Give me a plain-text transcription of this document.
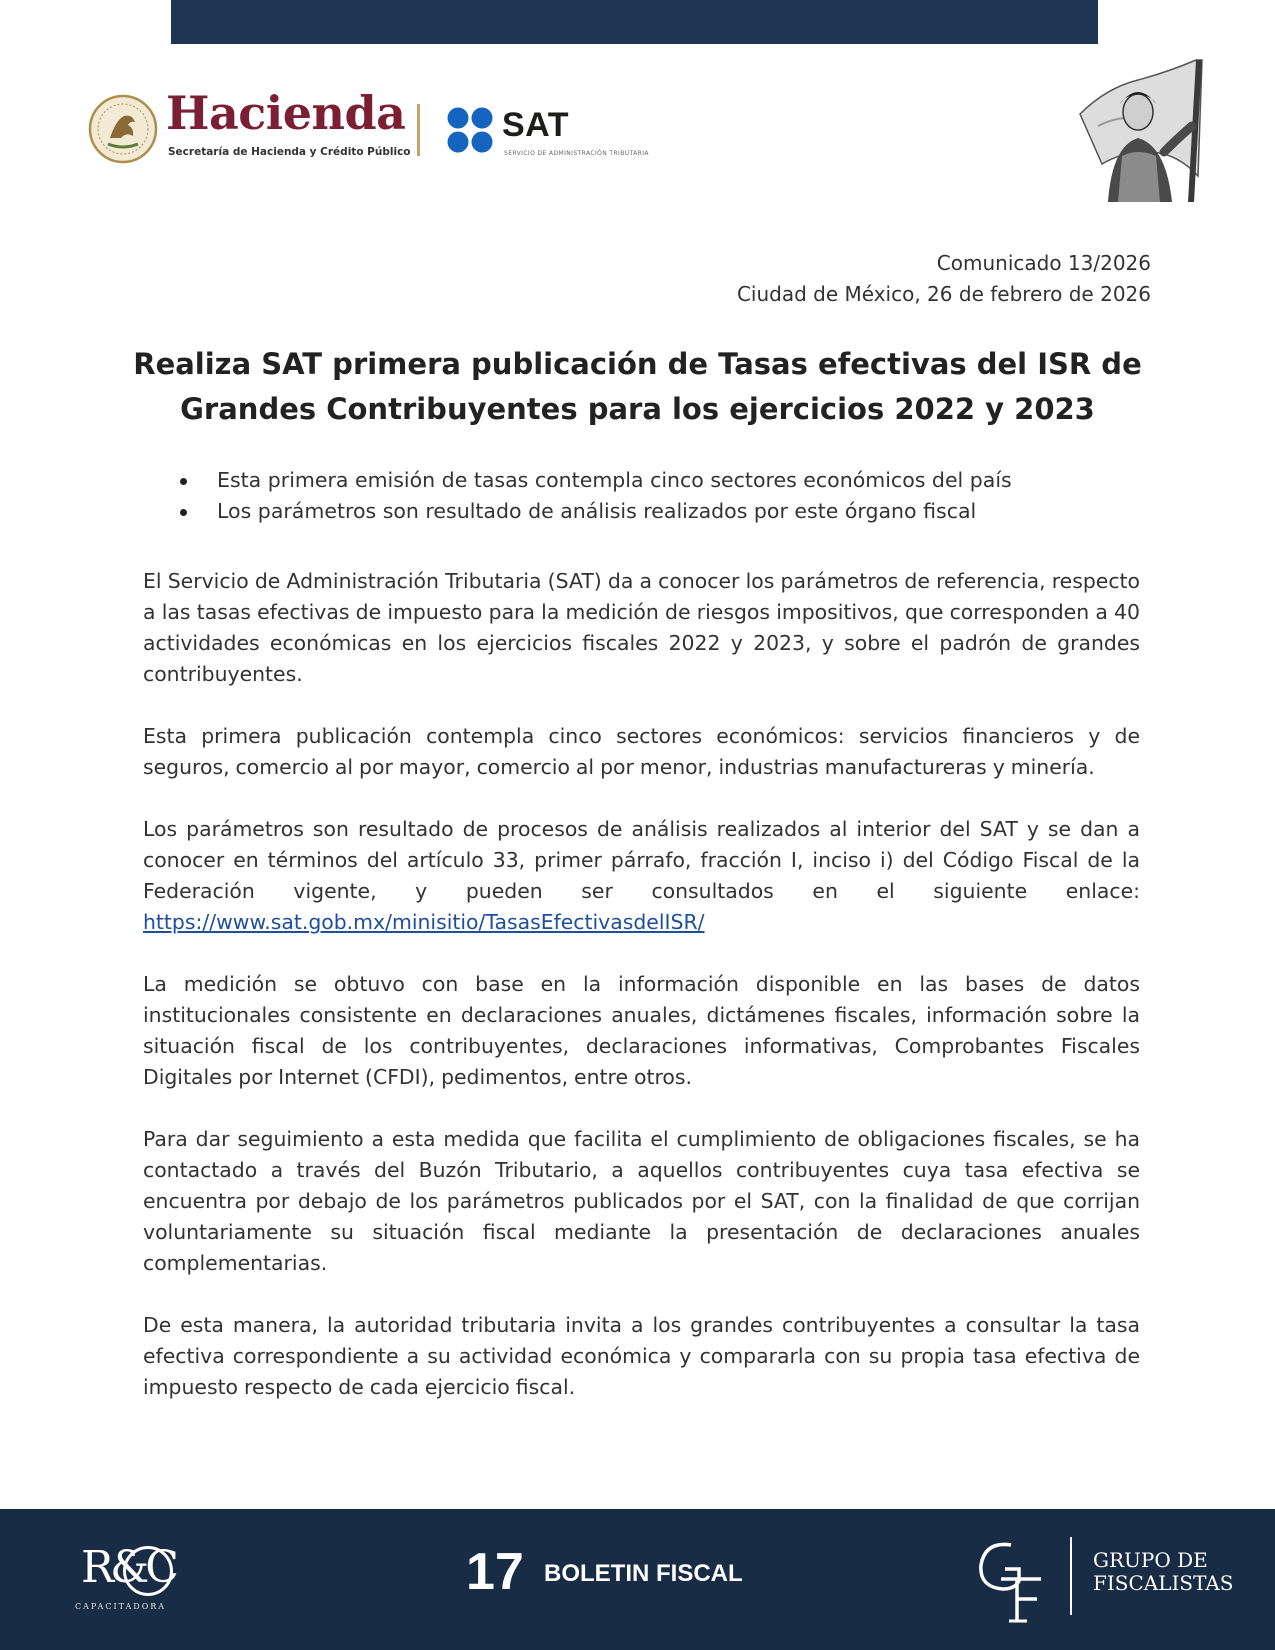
Hacienda
Secretaría de Hacienda y Crédito Público
SAT
SERVICIO DE ADMINISTRACIÓN TRIBUTARIA
Comunicado 13/2026
Ciudad de México, 26 de febrero de 2026
Realiza SAT primera publicación de Tasas efectivas del ISR de Grandes Contribuyentes para los ejercicios 2022 y 2023
Esta primera emisión de tasas contempla cinco sectores económicos del país
Los parámetros son resultado de análisis realizados por este órgano fiscal

El Servicio de Administración Tributaria (SAT) da a conocer los parámetros de referencia, respecto a las tasas efectivas de impuesto para la medición de riesgos impositivos, que corresponden a 40 actividades económicas en los ejercicios fiscales 2022 y 2023, y sobre el padrón de grandes contribuyentes.

Esta primera publicación contempla cinco sectores económicos: servicios financieros y de seguros, comercio al por mayor, comercio al por menor, industrias manufactureras y minería.

Los parámetros son resultado de procesos de análisis realizados al interior del SAT y se dan a conocer en términos del artículo 33, primer párrafo, fracción I, inciso i) del Código Fiscal de la Federación vigente, y pueden ser consultados en el siguiente enlace:

https://www.sat.gob.mx/minisitio/TasasEfectivasdelISR/

La medición se obtuvo con base en la información disponible en las bases de datos institucionales consistente en declaraciones anuales, dictámenes fiscales, información sobre la situación fiscal de los contribuyentes, declaraciones informativas, Comprobantes Fiscales Digitales por Internet (CFDI), pedimentos, entre otros.

Para dar seguimiento a esta medida que facilita el cumplimiento de obligaciones fiscales, se ha contactado a través del Buzón Tributario, a aquellos contribuyentes cuya tasa efectiva se encuentra por debajo de los parámetros publicados por el SAT, con la finalidad de que corrijan voluntariamente su situación fiscal mediante la presentación de declaraciones anuales complementarias.

De esta manera, la autoridad tributaria invita a los grandes contribuyentes a consultar la tasa efectiva correspondiente a su actividad económica y compararla con su propia tasa efectiva de impuesto respecto de cada ejercicio fiscal.

R&C
CAPACITADORA
17 BOLETIN FISCAL	GRUPO DE
FISCALISTAS
